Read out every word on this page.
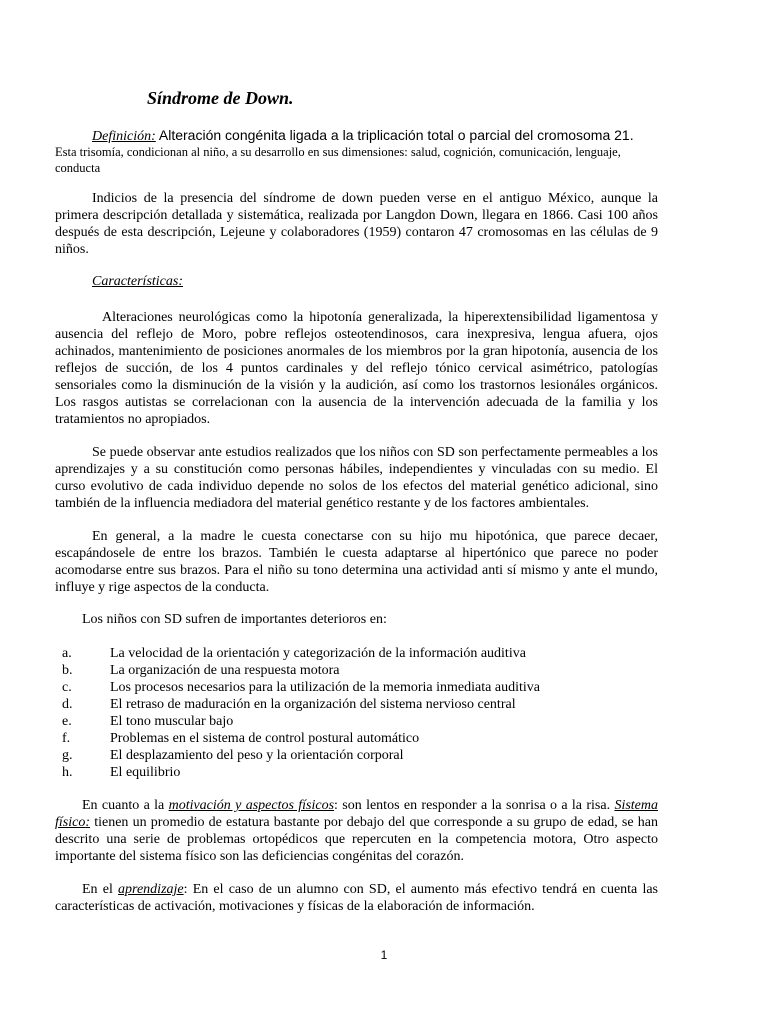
Síndrome de Down.
Definición: Alteración congénita ligada a la triplicación total o parcial del cromosoma 21.
Esta trisomía, condicionan al niño, a su desarrollo en sus dimensiones: salud, cognición, comunicación, lenguaje, conducta

Indicios de la presencia del síndrome de down pueden verse en el antiguo México, aunque la primera descripción detallada y sistemática, realizada por Langdon Down, llegara en 1866. Casi 100 años después de esta descripción, Lejeune y colaboradores (1959) contaron 47 cromosomas en las células de 9 niños.

Características:

Alteraciones neurológicas como la hipotonía generalizada, la hiperextensibilidad ligamentosa y ausencia del reflejo de Moro, pobre reflejos osteotendinosos, cara inexpresiva, lengua afuera, ojos achinados, mantenimiento de posiciones anormales de los miembros por la gran hipotonía, ausencia de los reflejos de succión, de los 4 puntos cardinales y del reflejo tónico cervical asimétrico, patologías sensoriales como la disminución de la visión y la audición, así como los trastornos lesionáles orgánicos. Los rasgos autistas se correlacionan con la ausencia de la intervención adecuada de la familia y los tratamientos no apropiados.

Se puede observar ante estudios realizados que los niños con SD son perfectamente permeables a los aprendizajes y a su constitución como personas hábiles, independientes y vinculadas con su medio. El curso evolutivo de cada individuo depende no solos de los efectos del material genético adicional, sino también de la influencia mediadora del material genético restante y de los factores ambientales.

En general, a la madre le cuesta conectarse con su hijo mu hipotónica, que parece decaer, escapándosele de entre los brazos. También le cuesta adaptarse al hipertónico que parece no poder acomodarse entre sus brazos. Para el niño su tono determina una actividad anti sí mismo y ante el mundo, influye y rige aspectos de la conducta.

Los niños con SD sufren de importantes deterioros en:

a.	La velocidad de la orientación y categorización de la información auditiva
b.	La organización de una respuesta motora
c.	Los procesos necesarios para la utilización de la memoria inmediata auditiva
d.	El retraso de maduración en la organización del sistema nervioso central
e.	El tono muscular bajo
f.	Problemas en el sistema de control postural automático
g.	El desplazamiento del peso y la orientación corporal
h.	El equilibrio

En cuanto a la motivación y aspectos físicos: son lentos en responder a la sonrisa o a la risa. Sistema físico: tienen un promedio de estatura bastante por debajo del que corresponde a su grupo de edad, se han descrito una serie de problemas ortopédicos que repercuten en la competencia motora, Otro aspecto importante del sistema físico son las deficiencias congénitas del corazón.

En el aprendizaje: En el caso de un alumno con SD, el aumento más efectivo tendrá en cuenta las características de activación, motivaciones y físicas de la elaboración de información.

1
